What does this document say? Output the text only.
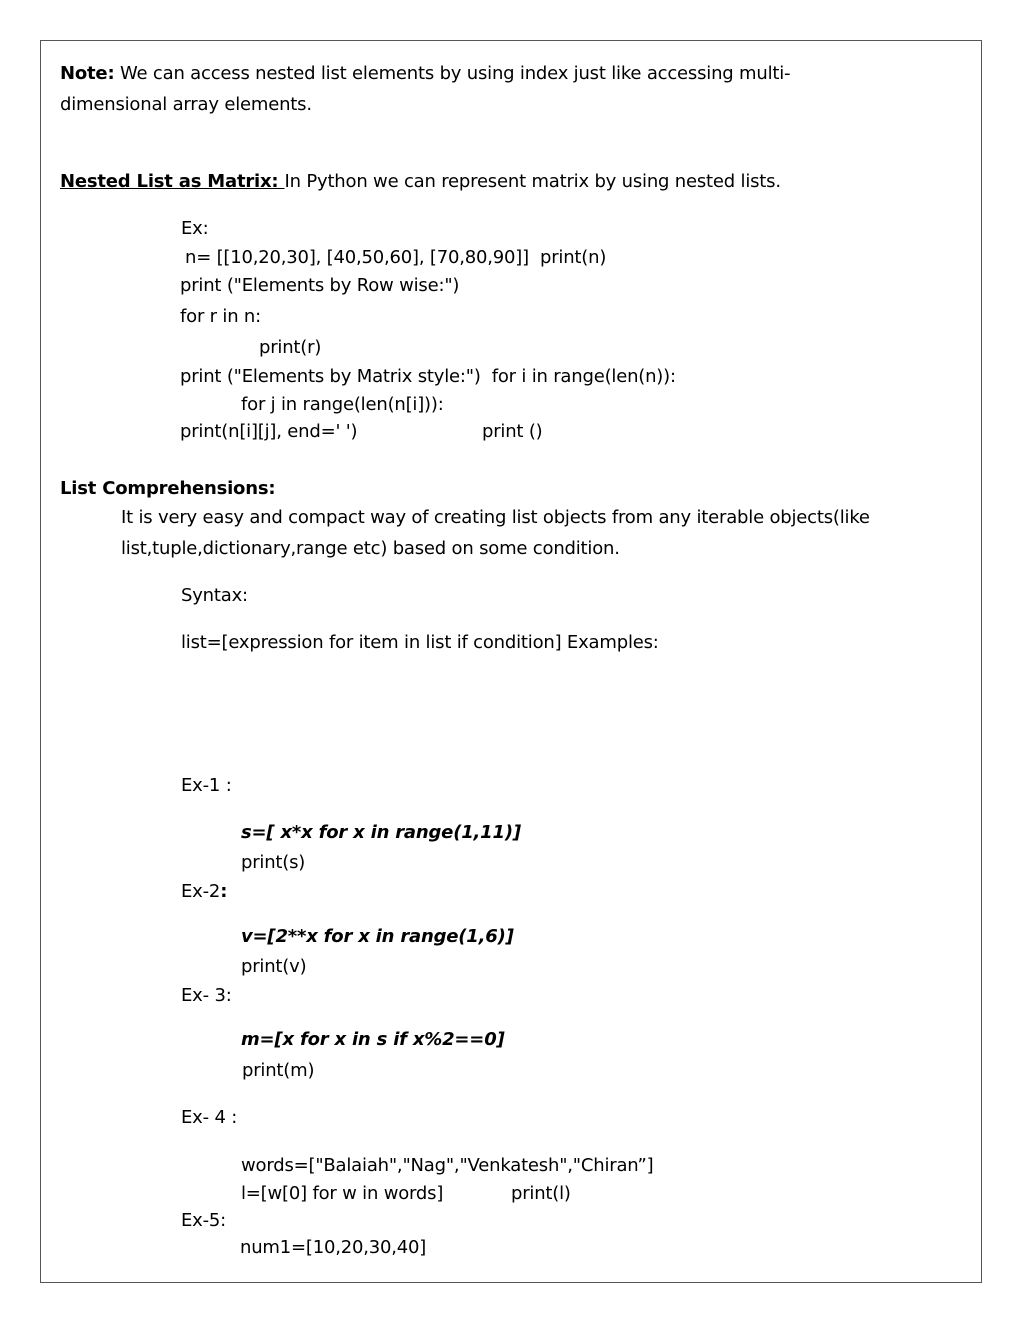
Note: We can access nested list elements by using index just like accessing multi-
dimensional array elements.
Nested List as Matrix: In Python we can represent matrix by using nested lists.
Ex:
n= [[10,20,30], [40,50,60], [70,80,90]]  print(n)
print ("Elements by Row wise:")
for r in n:
print(r)
print ("Elements by Matrix style:")  for i in range(len(n)):
for j in range(len(n[i])):
print(n[i][j], end=' ')	print ()
List Comprehensions:
It is very easy and compact way of creating list objects from any iterable objects(like
list,tuple,dictionary,range etc) based on some condition.
Syntax:
list=[expression for item in list if condition] Examples:
Ex-1 :
s=[ x*x for x in range(1,11)]
print(s)
Ex-2:
v=[2**x for x in range(1,6)]
print(v)
Ex- 3:
m=[x for x in s if x%2==0]
print(m)
Ex- 4 :
words=["Balaiah","Nag","Venkatesh","Chiran”]
l=[w[0] for w in words]	print(l)
Ex-5:
num1=[10,20,30,40]
